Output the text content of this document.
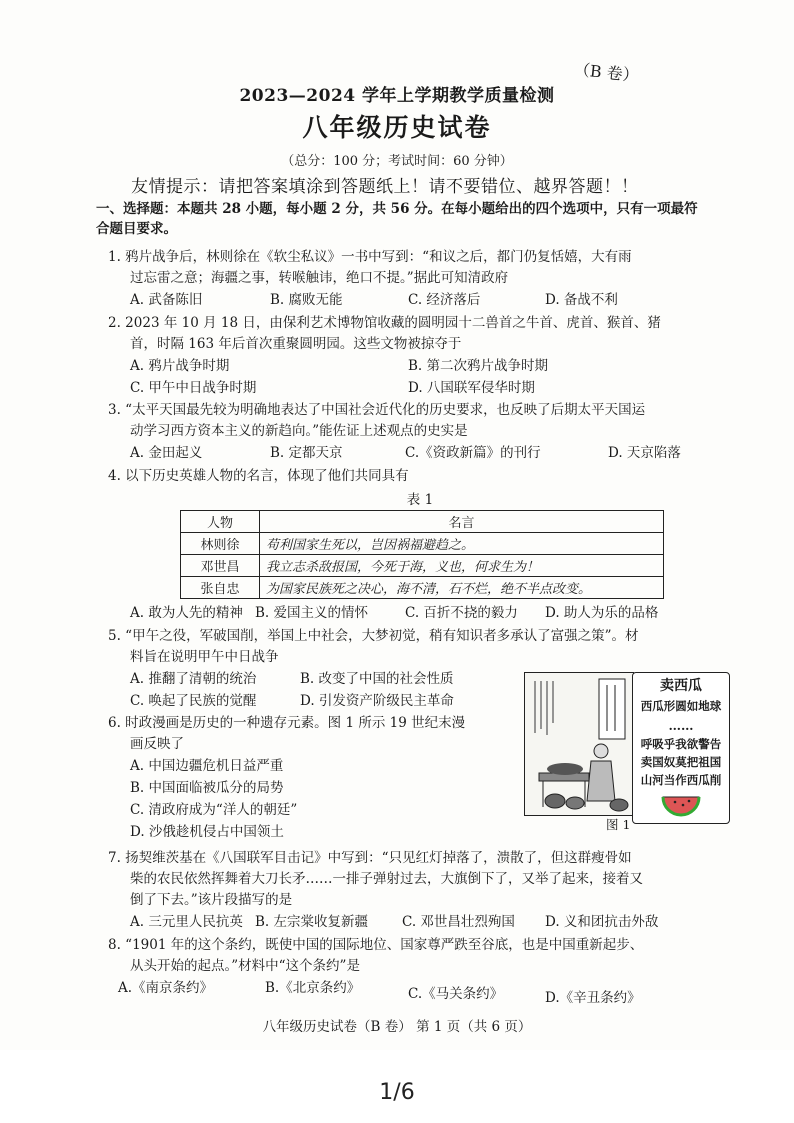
（B 卷）
2023—2024 学年上学期教学质量检测
八年级历史试卷
（总分：100 分；考试时间：60 分钟）
友情提示：请把答案填涂到答题纸上！请不要错位、越界答题！！
一、选择题：本题共 28 小题，每小题 2 分，共 56 分。在每小题给出的四个选项中，只有一项最符合题目要求。
1. 鸦片战争后，林则徐在《软尘私议》一书中写到：“和议之后，都门仍复恬嬉，大有雨
过忘雷之意；海疆之事，转喉触讳，绝口不提。”据此可知清政府
A. 武备陈旧	B. 腐败无能	C. 经济落后	D. 备战不利
2. 2023 年 10 月 18 日，由保利艺术博物馆收藏的圆明园十二兽首之牛首、虎首、猴首、猪
首，时隔 163 年后首次重聚圆明园。这些文物被掠夺于
A. 鸦片战争时期	B. 第二次鸦片战争时期
C. 甲午中日战争时期	D. 八国联军侵华时期
3. “太平天国最先较为明确地表达了中国社会近代化的历史要求，也反映了后期太平天国运
动学习西方资本主义的新趋向。”能佐证上述观点的史实是
A. 金田起义	B. 定都天京	C.《资政新篇》的刊行	D. 天京陷落
4. 以下历史英雄人物的名言，体现了他们共同具有
表 1
人物	名言
林则徐	苟利国家生死以，岂因祸福避趋之。
邓世昌	我立志杀敌报国，今死于海，义也，何求生为！
张自忠	为国家民族死之决心，海不清，石不烂，绝不半点改变。
A. 敢为人先的精神 B. 爱国主义的情怀	C. 百折不挠的毅力 D. 助人为乐的品格
5. “甲午之役，军破国削，举国上中社会，大梦初觉，稍有知识者多承认了富强之策”。材
料旨在说明甲午中日战争
A. 推翻了清朝的统治	B. 改变了中国的社会性质
C. 唤起了民族的觉醒	D. 引发资产阶级民主革命
6. 时政漫画是历史的一种遗存元素。图 1 所示 19 世纪末漫
画反映了
A. 中国边疆危机日益严重
B. 中国面临被瓜分的局势
C. 清政府成为“洋人的朝廷”
D. 沙俄趁机侵占中国领土
卖西瓜
西瓜形圆如地球
……
呼吸乎我欲警告
卖国奴莫把祖国
山河当作西瓜削
图 1
7. 扬契维茨基在《八国联军目击记》中写到：“只见红灯掉落了，溃散了，但这群瘦骨如
柴的农民依然挥舞着大刀长矛……一排子弹射过去，大旗倒下了，又举了起来，接着又
倒了下去。”该片段描写的是
A. 三元里人民抗英 B. 左宗棠收复新疆	C. 邓世昌壮烈殉国 D. 义和团抗击外敌
8. “1901 年的这个条约，既使中国的国际地位、国家尊严跌至谷底，也是中国重新起步、
从头开始的起点。”材料中“这个条约”是
A.《南京条约》	B.《北京条约》	C.《马关条约》	D.《辛丑条约》
八年级历史试卷（B 卷） 第 1 页（共 6 页）
1/6
